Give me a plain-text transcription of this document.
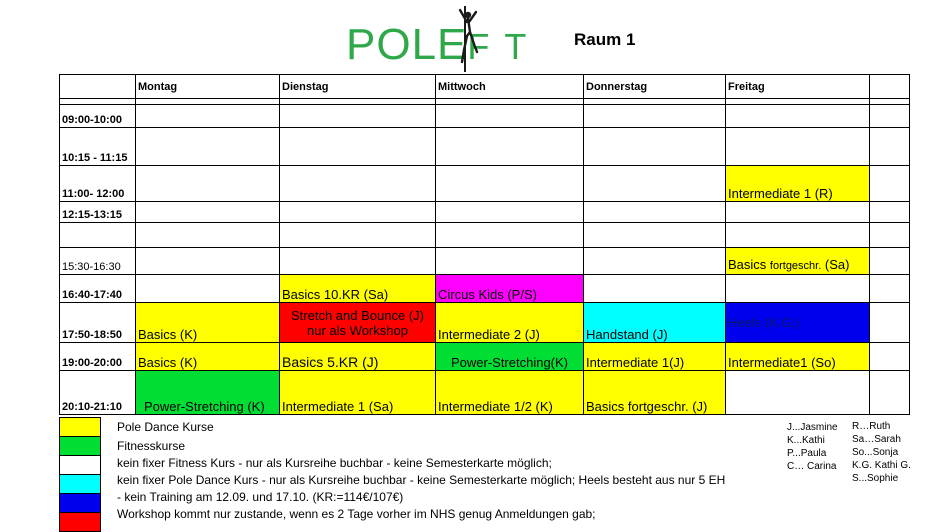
POLEF T	Raum 1
	Montag	Dienstag	Mittwoch	Donnerstag	Freitag	

09:00-10:00						
10:15 - 11:15						
11:00- 12:00					Intermediate 1 (R)	
12:15-13:15						

15:30-16:30					Basics fortgeschr. (Sa)	
16:40-17:40		Basics 10.KR (Sa)	Circus Kids (P/S)			
17:50-18:50	Basics (K)	Stretch and Bounce (J) nur als Workshop	Intermediate 2 (J)	Handstand (J)	Heels (K.G.)	
19:00-20:00	Basics (K)	Basics 5.KR (J)	Power-Stretching(K)	Intermediate 1(J)	Intermediate1 (So)	
20:10-21:10	Power-Stretching (K)	Intermediate 1 (Sa)	Intermediate 1/2 (K)	Basics fortgeschr. (J)		
Pole Dance Kurse
Fitnesskurse
kein fixer Fitness Kurs - nur als Kursreihe buchbar - keine Semesterkarte möglich;
kein fixer Pole Dance Kurs - nur als Kursreihe buchbar - keine Semesterkarte möglich; Heels besteht aus nur 5 EH
- kein Training am 12.09. und 17.10. (KR:=114€/107€)
Workshop kommt nur zustande, wenn es 2 Tage vorher im NHS genug Anmeldungen gab;
J...Jasmine
K...Kathi
P...Paula
C… Carina
R…Ruth
Sa…Sarah
So...Sonja
K.G. Kathi G.
S...Sophie
